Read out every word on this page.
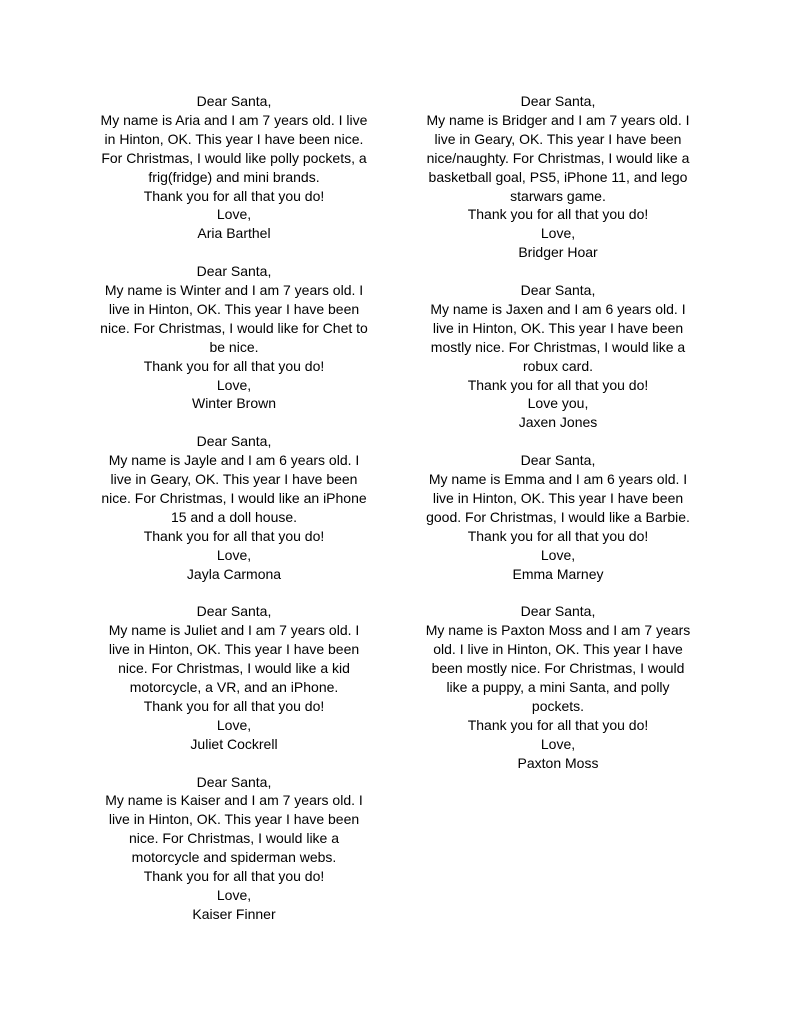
Dear Santa,
My name is Aria and I am 7 years old. I live
in Hinton, OK. This year I have been nice.
For Christmas, I would like polly pockets, a
frig(fridge) and mini brands.
Thank you for all that you do!
Love,
Aria Barthel
Dear Santa,
My name is Winter and I am 7 years old. I
live in Hinton, OK. This year I have been
nice. For Christmas, I would like for Chet to
be nice.
Thank you for all that you do!
Love,
Winter Brown
Dear Santa,
My name is Jayle and I am 6 years old. I
live in Geary, OK. This year I have been
nice. For Christmas, I would like an iPhone
15 and a doll house.
Thank you for all that you do!
Love,
Jayla Carmona
Dear Santa,
My name is Juliet and I am 7 years old. I
live in Hinton, OK. This year I have been
nice. For Christmas, I would like a kid
motorcycle, a VR, and an iPhone.
Thank you for all that you do!
Love,
Juliet Cockrell
Dear Santa,
My name is Kaiser and I am 7 years old. I
live in Hinton, OK. This year I have been
nice. For Christmas, I would like a
motorcycle and spiderman webs.
Thank you for all that you do!
Love,
Kaiser Finner
Dear Santa,
My name is Bridger and I am 7 years old. I
live in Geary, OK. This year I have been
nice/naughty. For Christmas, I would like a
basketball goal, PS5, iPhone 11, and lego
starwars game.
Thank you for all that you do!
Love,
Bridger Hoar
Dear Santa,
My name is Jaxen and I am 6 years old. I
live in Hinton, OK. This year I have been
mostly nice. For Christmas, I would like a
robux card.
Thank you for all that you do!
Love you,
Jaxen Jones
Dear Santa,
My name is Emma and I am 6 years old. I
live in Hinton, OK. This year I have been
good. For Christmas, I would like a Barbie.
Thank you for all that you do!
Love,
Emma Marney
Dear Santa,
My name is Paxton Moss and I am 7 years
old. I live in Hinton, OK. This year I have
been mostly nice. For Christmas, I would
like a puppy, a mini Santa, and polly
pockets.
Thank you for all that you do!
Love,
Paxton Moss
